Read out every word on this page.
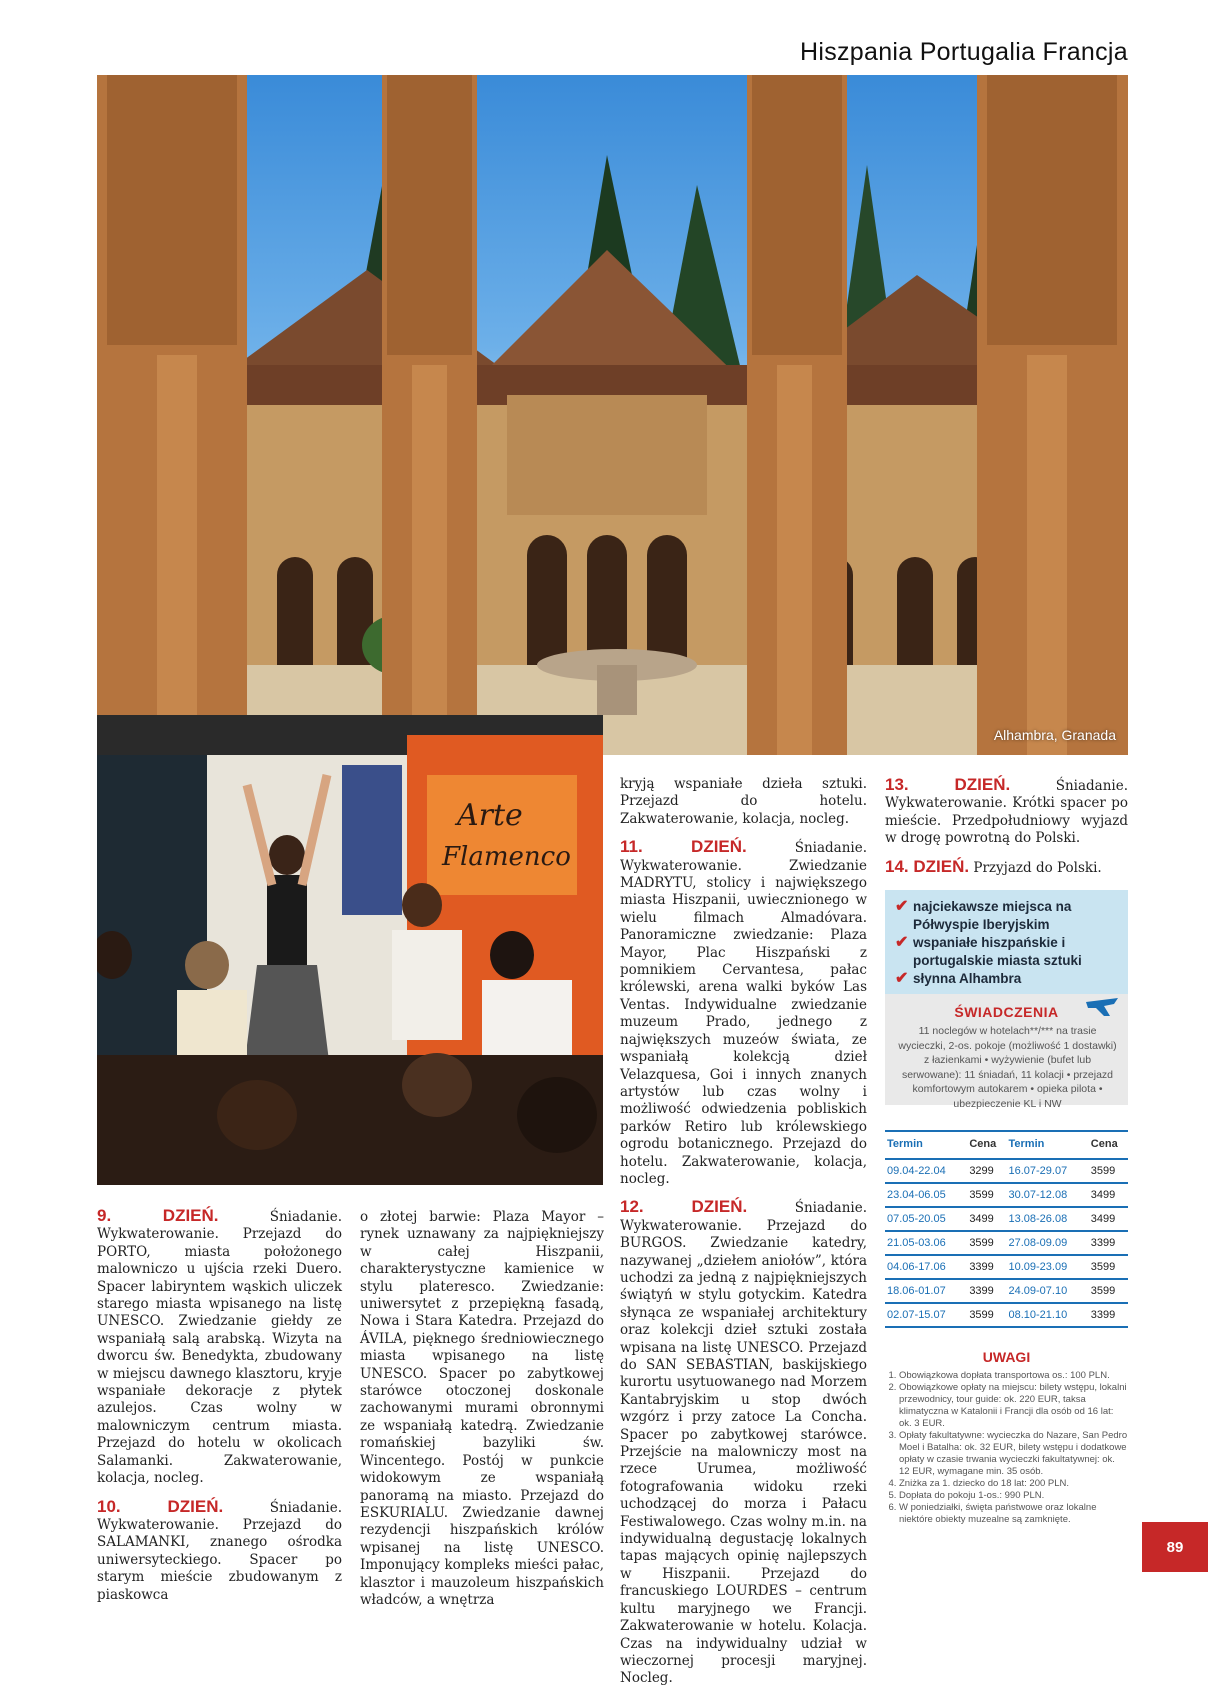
Hiszpania Portugalia Francja
Alhambra, Granada
Arte
Flamenco

9. DZIEŃ.	Śniadanie. Wykwaterowanie. Przejazd do PORTO, miasta położonego malowniczo u ujścia rzeki Duero. Spacer labiryntem wąskich uliczek starego miasta wpisanego na listę UNESCO. Zwiedzanie giełdy ze wspaniałą salą arabską. Wizyta na dworcu św. Benedykta, zbudowany w miejscu dawnego klasztoru, kryje wspaniałe dekoracje z płytek azulejos. Czas wolny w malowniczym centrum miasta. Przejazd do hotelu w okolicach Salamanki. Zakwaterowanie, kolacja, nocleg.

10. DZIEŃ.	Śniadanie. Wykwaterowanie. Przejazd do SALAMANKI, znanego ośrodka uniwersyteckiego. Spacer po starym mieście zbudowanym z piaskowca

o złotej barwie: Plaza Mayor – rynek uznawany za najpiękniejszy w całej Hiszpanii, charakterystyczne kamienice w stylu plateresco. Zwiedzanie: uniwersytet z przepiękną fasadą, Nowa i Stara Katedra. Przejazd do ÁVILA, pięknego średniowiecznego miasta wpisanego na listę UNESCO. Spacer po zabytkowej starówce otoczonej doskonale zachowanymi murami obronnymi ze wspaniałą katedrą. Zwiedzanie romańskiej bazyliki św. Wincentego. Postój w punkcie widokowym ze wspaniałą panoramą na miasto. Przejazd do ESKURIALU. Zwiedzanie dawnej rezydencji hiszpańskich królów wpisanej na listę UNESCO. Imponujący kompleks mieści pałac, klasztor i mauzoleum hiszpańskich władców, a wnętrza

kryją wspaniałe dzieła sztuki. Przejazd do hotelu. Zakwaterowanie, kolacja, nocleg.

11. DZIEŃ.	Śniadanie. Wykwaterowanie. Zwiedzanie MADRYTU, stolicy i największego miasta Hiszpanii, uwiecznionego w wielu filmach Almadóvara. Panoramiczne zwiedzanie: Plaza Mayor, Plac Hiszpański z pomnikiem Cervantesa, pałac królewski, arena walki byków Las Ventas. Indywidualne zwiedzanie muzeum Prado, jednego z największych muzeów świata, ze wspaniałą kolekcją dzieł Velazquesa, Goi i innych znanych artystów lub czas wolny i możliwość odwiedzenia pobliskich parków Retiro lub królewskiego ogrodu botanicznego. Przejazd do hotelu. Zakwaterowanie, kolacja, nocleg.

12. DZIEŃ.	Śniadanie. Wykwaterowanie. Przejazd do BURGOS. Zwiedzanie katedry, nazywanej „dziełem aniołów”, która uchodzi za jedną z najpiękniejszych świątyń w stylu gotyckim. Katedra słynąca ze wspaniałej architektury oraz kolekcji dzieł sztuki została wpisana na listę UNESCO. Przejazd do SAN SEBASTIAN, baskijskiego kurortu usytuowanego nad Morzem Kantabryjskim u stop dwóch wzgórz i przy zatoce La Concha. Spacer po zabytkowej starówce. Przejście na malowniczy most na rzece Urumea, możliwość fotografowania widoku rzeki uchodzącej do morza i Pałacu Festiwalowego. Czas wolny m.in. na indywidualną degustację lokalnych tapas mających opinię najlepszych w Hiszpanii. Przejazd do francuskiego LOURDES – centrum kultu maryjnego we Francji. Zakwaterowanie w hotelu. Kolacja. Czas na indywidualny udział w wieczornej procesji maryjnej. Nocleg.

13. DZIEŃ.	Śniadanie. Wykwaterowanie. Krótki spacer po mieście. Przedpołudniowy wyjazd w drogę powrotną do Polski.

14. DZIEŃ. Przyjazd do Polski.

✔ najciekawsze miejsca na Półwyspie Iberyjskim
✔ wspaniałe hiszpańskie i portugalskie miasta sztuki
✔ słynna Alhambra
ŚWIADCZENIA
11 noclegów w hotelach**/*** na trasie wycieczki, 2-os. pokoje (możliwość 1 dostawki) z łazienkami • wyżywienie (bufet lub serwowane): 11 śniadań, 11 kolacji • przejazd komfortowym autokarem • opieka pilota • ubezpieczenie KL i NW
Termin	Cena	Termin	Cena
09.04-22.04	3299	16.07-29.07	3599
23.04-06.05	3599	30.07-12.08	3499
07.05-20.05	3499	13.08-26.08	3499
21.05-03.06	3599	27.08-09.09	3399
04.06-17.06	3399	10.09-23.09	3599
18.06-01.07	3399	24.09-07.10	3599
02.07-15.07	3599	08.10-21.10	3399
UWAGI
1. Obowiązkowa dopłata transportowa os.: 100 PLN.
2. Obowiązkowe opłaty na miejscu: bilety wstępu, lokalni przewodnicy, tour guide: ok. 220 EUR, taksa klimatyczna w Katalonii i Francji dla osób od 16 lat: ok. 3 EUR.
3. Opłaty fakultatywne: wycieczka do Nazare, San Pedro Moel i Batalha: ok. 32 EUR, bilety wstępu i dodatkowe opłaty w czasie trwania wycieczki fakultatywnej: ok. 12 EUR, wymagane min. 35 osób.
4. Zniżka za 1. dziecko do 18 lat: 200 PLN.
5. Dopłata do pokoju 1-os.: 990 PLN.
6. W poniedziałki, święta państwowe oraz lokalne niektóre obiekty muzealne są zamknięte.
89
